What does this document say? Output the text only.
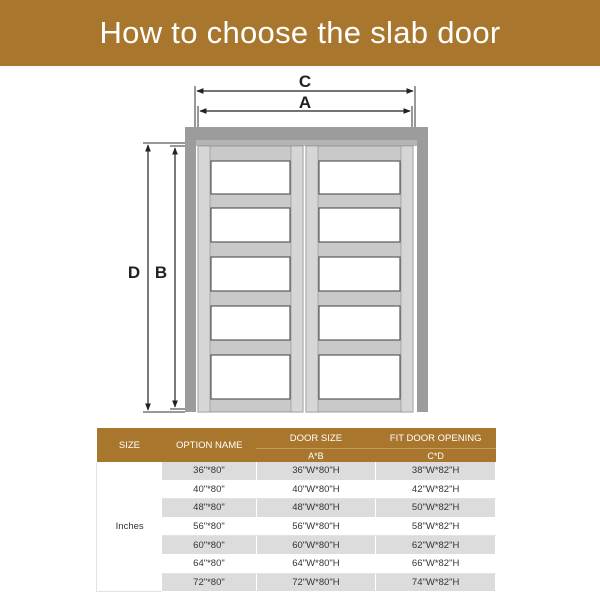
How to choose the slab door
C
A
D B
SIZE	OPTION NAME	DOOR SIZE	FIT DOOR OPENING
		A*B	C*D
Inches	36"*80"	36"W*80"H	38"W*82"H
	40"*80"	40"W*80"H	42"W*82"H
	48"*80"	48"W*80"H	50"W*82"H
	56"*80"	56"W*80"H	58"W*82"H
	60"*80"	60"W*80"H	62"W*82"H
	64"*80"	64"W*80"H	66"W*82"H
	72"*80"	72"W*80"H	74"W*82"H
